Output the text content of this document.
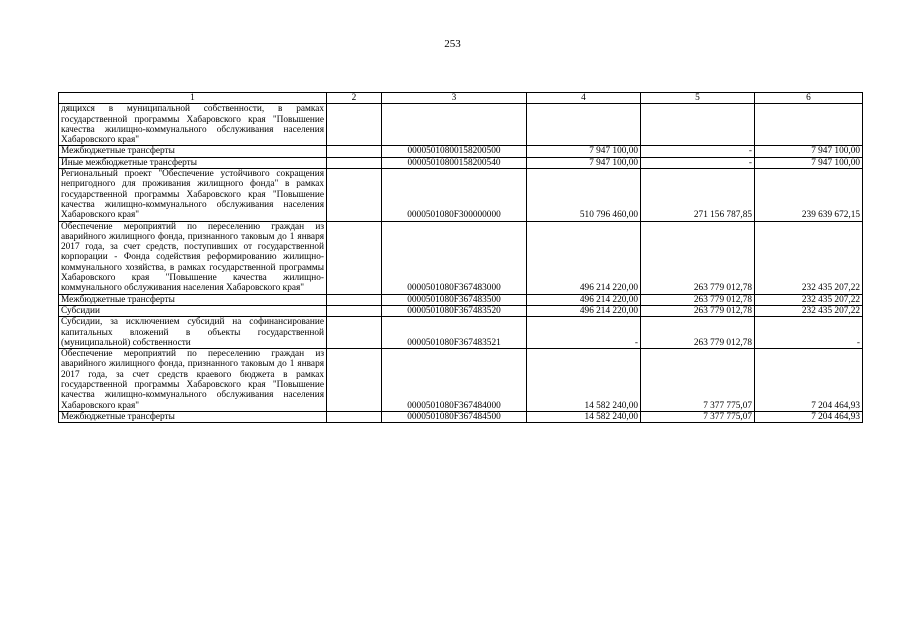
253
1	2	3	4	5	6
дящихся в муниципальной собственности, в рамках государственной программы Хабаровского края "Повышение качества жилищно-коммунального обслуживания населения Хабаровского края"					
Межбюджетные трансферты		00005010800158200500	7 947 100,00	-	7 947 100,00
Иные межбюджетные трансферты		00005010800158200540	7 947 100,00	-	7 947 100,00
Региональный проект "Обеспечение устойчивого сокращения непригодного для проживания жилищного фонда" в рамках государственной программы Хабаровского края "Повышение качества жилищно-коммунального обслуживания населения Хабаровского края"		0000501080F300000000	510 796 460,00	271 156 787,85	239 639 672,15
Обеспечение мероприятий по переселению граждан из аварийного жилищного фонда, признанного таковым до 1 января 2017 года, за счет средств, поступивших от государственной корпорации - Фонда содействия реформированию жилищно-коммунального хозяйства, в рамках государственной программы Хабаровского края "Повышение качества жилищно-коммунального обслуживания населения Хабаровского края"		0000501080F367483000	496 214 220,00	263 779 012,78	232 435 207,22
Межбюджетные трансферты		0000501080F367483500	496 214 220,00	263 779 012,78	232 435 207,22
Субсидии		0000501080F367483520	496 214 220,00	263 779 012,78	232 435 207,22
Субсидии, за исключением субсидий на софинансирование капитальных вложений в объекты государственной (муниципальной) собственности		0000501080F367483521	-	263 779 012,78	-
Обеспечение мероприятий по переселению граждан из аварийного жилищного фонда, признанного таковым до 1 января 2017 года, за счет средств краевого бюджета в рамках государственной программы Хабаровского края "Повышение качества жилищно-коммунального обслуживания населения Хабаровского края"		0000501080F367484000	14 582 240,00	7 377 775,07	7 204 464,93
Межбюджетные трансферты		0000501080F367484500	14 582 240,00	7 377 775,07	7 204 464,93
